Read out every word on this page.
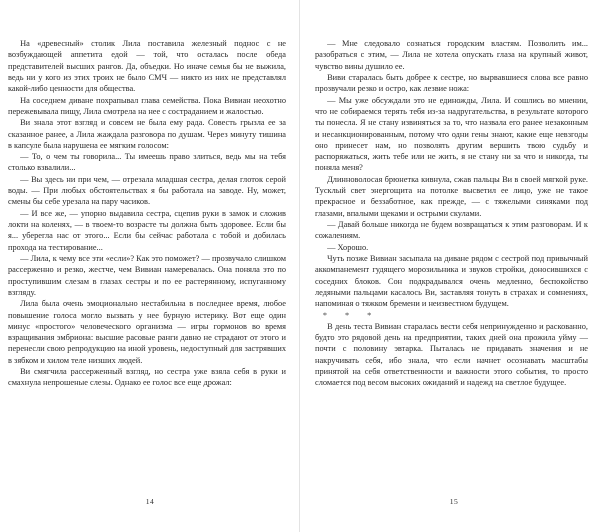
На «древесный» столик Лила поставила железный поднос с не возбуждающей аппетита едой — той, что осталась после обеда представителей высших рангов. Да, объедки. Но иначе семья бы не выжила, ведь ни у кого из этих троих не было СМЧ — никто из них не представлял какой-либо ценности для общества.

На соседнем диване похрапывал глава семейства. Пока Вивиан неохотно пережевывала пищу, Лила смотрела на нее с состраданием и жалостью.

Ви знала этот взгляд и совсем не была ему рада. Совесть грызла ее за сказанное ранее, а Лила жаждала разговора по душам. Через минуту тишина в капсуле была нарушена ее мягким голосом:

— То, о чем ты говорила... Ты имеешь право злиться, ведь мы на тебя столько взвалили...

— Вы здесь ни при чем, — отрезала младшая сестра, делая глоток серой воды. — При любых обстоятельствах я бы работала на заводе. Ну, может, смены бы себе урезала на пару часиков.

— И все же, — упорно выдавила сестра, сцепив руки в замок и сложив локти на коленях, — в твоем-то возрасте ты должна быть здоровее. Если бы я... уберегла нас от этого... Если бы сейчас работала с тобой и добилась прохода на тестирование...

— Лила, к чему все эти «если»? Как это поможет? — прозвучало слишком рассерженно и резко, жестче, чем Вивиан намеревалась. Она поняла это по проступившим слезам в глазах сестры и по ее растерянному, испуганному взгляду.

Лила была очень эмоционально нестабильна в последнее время, любое повышение голоса могло вызвать у нее бурную истерику. Вот еще один минус «простого» человеческого организма — игры гормонов во время взращивания эмбриона: высшие расовые ранги давно не страдают от этого и перенесли свою репродукцию на иной уровень, недоступный для застрявших в зябком и хилом теле низших людей.

Ви смягчила рассерженный взгляд, но сестра уже взяла себя в руки и смахнула непрошеные слезы. Однако ее голос все еще дрожал:

14

— Мне следовало сознаться городским властям. Позволить им... разобраться с этим, — Лила не хотела опускать глаза на крупный живот, чувство вины душило ее.

Виви старалась быть добрее к сестре, но вырвавшиеся слова все равно прозвучали резко и остро, как лезвие ножа:

— Мы уже обсуждали это не единожды, Лила. И сошлись во мнении, что не собираемся терять тебя из-за надругательства, в результате которого ты понесла. Я не стану извиняться за то, что назвала его ранее незаконным и несанкционированным, потому что одни гены знают, какие еще невзгоды оно принесет нам, но позволять другим вершить твою судьбу и распоряжаться, жить тебе или не жить, я не стану ни за что и никогда, ты поняла меня?

Длинноволосая брюнетка кивнула, сжав пальцы Ви в своей мягкой руке. Тусклый свет энергощита на потолке высветил ее лицо, уже не такое прекрасное и беззаботное, как прежде, — с тяжелыми синяками под глазами, впалыми щеками и острыми скулами.

— Давай больше никогда не будем возвращаться к этим разговорам. И к сожалениям.

— Хорошо.

Чуть позже Вивиан засыпала на диване рядом с сестрой под привычный аккомпанемент гудящего морозильника и звуков стройки, доносившихся с соседних блоков. Сон подкрадывался очень медленно, беспокойство ледяными пальцами касалось Ви, заставляя тонуть в страхах и сомнениях, напоминая о тяжком бремени и неизвестном будущем.

* * *

В день теста Вивиан старалась вести себя непринужденно и раскованно, будто это рядовой день на предприятии, таких дней она прожила уйму — почти с половину эвтарка. Пыталась не придавать значения и не накручивать себя, ибо знала, что если начнет осознавать масштабы принятой на себя ответственности и важности этого события, то просто сломается под весом высоких ожиданий и надежд на светлое будущее.

15
